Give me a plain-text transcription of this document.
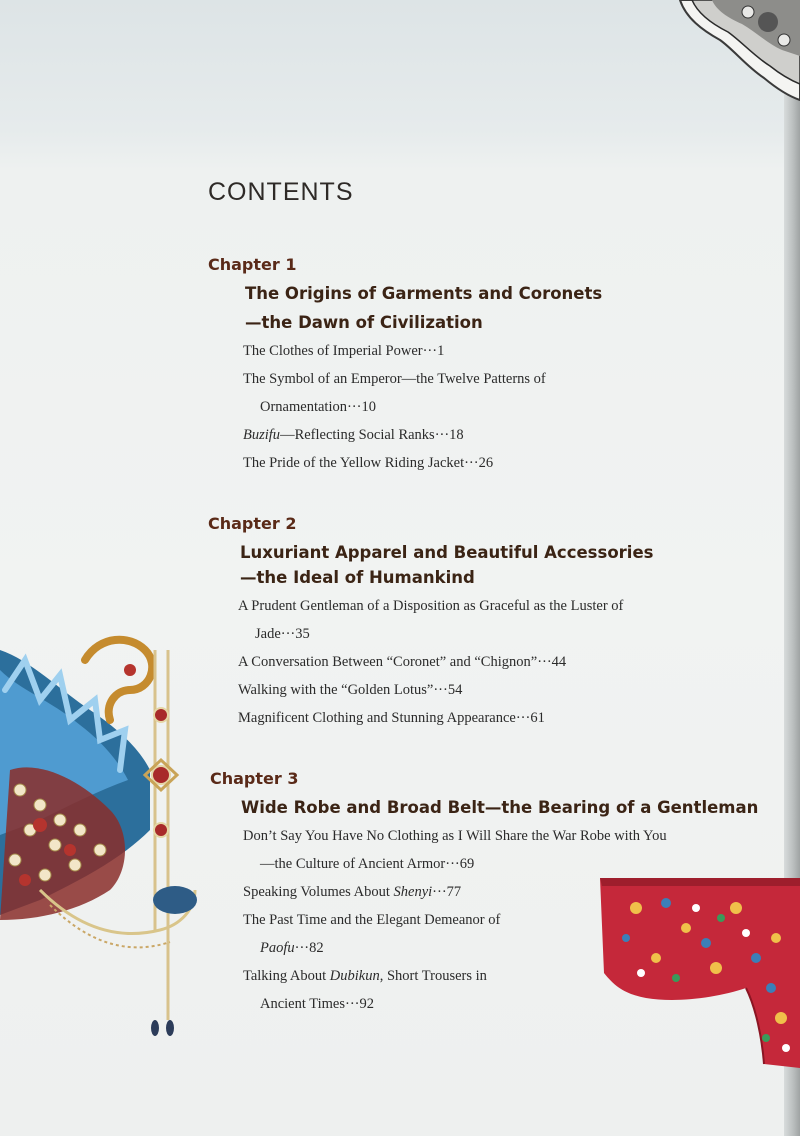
CONTENTS
Chapter 1
The Origins of Garments and Coronets
—the Dawn of Civilization
The Clothes of Imperial Power···1
The Symbol of an Emperor—the Twelve Patterns of
Ornamentation···10
Buzifu—Reflecting Social Ranks···18
The Pride of the Yellow Riding Jacket···26
Chapter 2
Luxuriant Apparel and Beautiful Accessories
—the Ideal of Humankind
A Prudent Gentleman of a Disposition as Graceful as the Luster of
Jade···35
A Conversation Between “Coronet” and “Chignon”···44
Walking with the “Golden Lotus”···54
Magnificent Clothing and Stunning Appearance···61
Chapter 3
Wide Robe and Broad Belt—the Bearing of a Gentleman
Don’t Say You Have No Clothing as I Will Share the War Robe with You
—the Culture of Ancient Armor···69
Speaking Volumes About Shenyi···77
The Past Time and the Elegant Demeanor of
Paofu···82
Talking About Dubikun, Short Trousers in
Ancient Times···92
